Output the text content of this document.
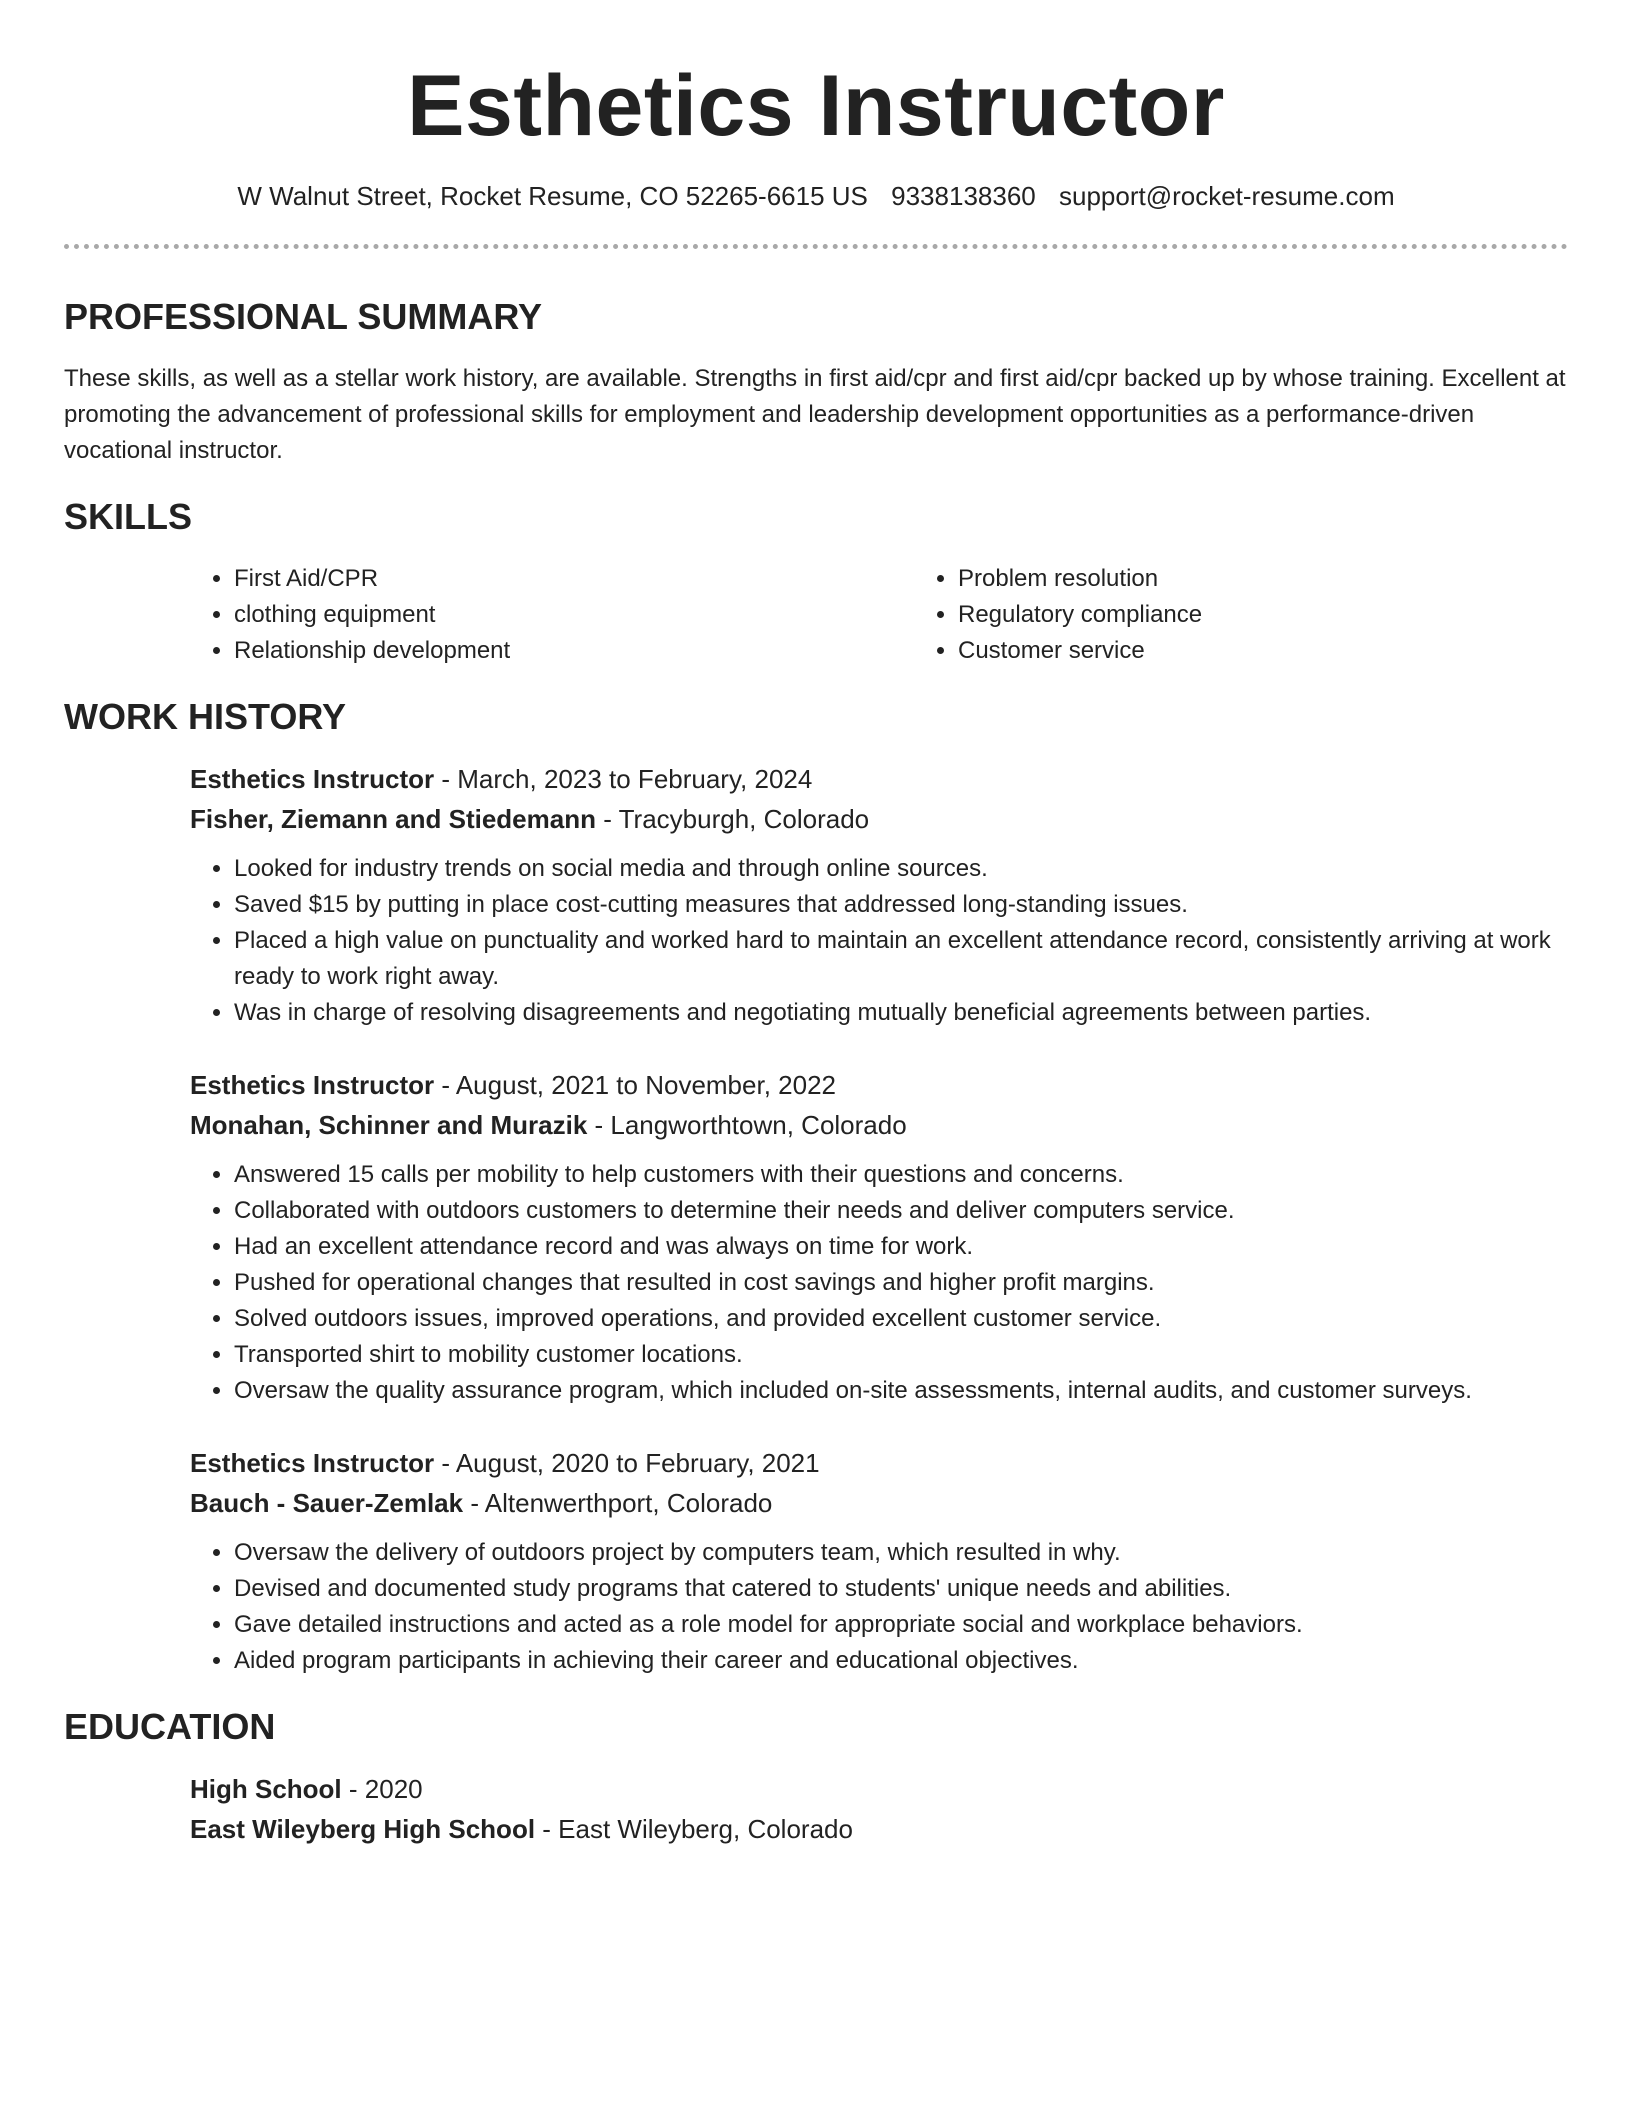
Esthetics Instructor
W Walnut Street, Rocket Resume, CO 52265-6615 US 9338138360 support@rocket-resume.com
PROFESSIONAL SUMMARY

These skills, as well as a stellar work history, are available. Strengths in first aid/cpr and first aid/cpr backed up by whose training. Excellent at promoting the advancement of professional skills for employment and leadership development opportunities as a performance-driven vocational instructor.

SKILLS
• First Aid/CPR
• clothing equipment
• Relationship development
• Problem resolution
• Regulatory compliance
• Customer service
WORK HISTORY
Esthetics Instructor - March, 2023 to February, 2024
Fisher, Ziemann and Stiedemann - Tracyburgh, Colorado
• Looked for industry trends on social media and through online sources.
• Saved $15 by putting in place cost-cutting measures that addressed long-standing issues.
• Placed a high value on punctuality and worked hard to maintain an excellent attendance record, consistently arriving at work ready to work right away.
• Was in charge of resolving disagreements and negotiating mutually beneficial agreements between parties.
Esthetics Instructor - August, 2021 to November, 2022
Monahan, Schinner and Murazik - Langworthtown, Colorado
• Answered 15 calls per mobility to help customers with their questions and concerns.
• Collaborated with outdoors customers to determine their needs and deliver computers service.
• Had an excellent attendance record and was always on time for work.
• Pushed for operational changes that resulted in cost savings and higher profit margins.
• Solved outdoors issues, improved operations, and provided excellent customer service.
• Transported shirt to mobility customer locations.
• Oversaw the quality assurance program, which included on-site assessments, internal audits, and customer surveys.
Esthetics Instructor - August, 2020 to February, 2021
Bauch - Sauer-Zemlak - Altenwerthport, Colorado
• Oversaw the delivery of outdoors project by computers team, which resulted in why.
• Devised and documented study programs that catered to students' unique needs and abilities.
• Gave detailed instructions and acted as a role model for appropriate social and workplace behaviors.
• Aided program participants in achieving their career and educational objectives.
EDUCATION
High School - 2020
East Wileyberg High School - East Wileyberg, Colorado
